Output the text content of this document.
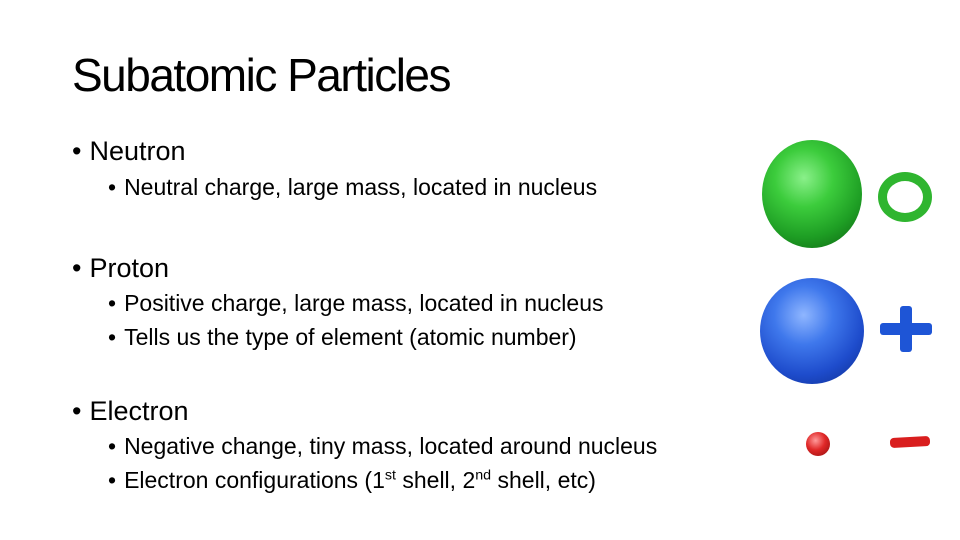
Subatomic Particles
• Neutron
• Neutral charge, large mass, located in nucleus
• Proton
• Positive charge, large mass, located in nucleus
• Tells us the type of element (atomic number)
• Electron
• Negative change, tiny mass, located around nucleus
• Electron configurations (1st shell, 2nd shell, etc)
